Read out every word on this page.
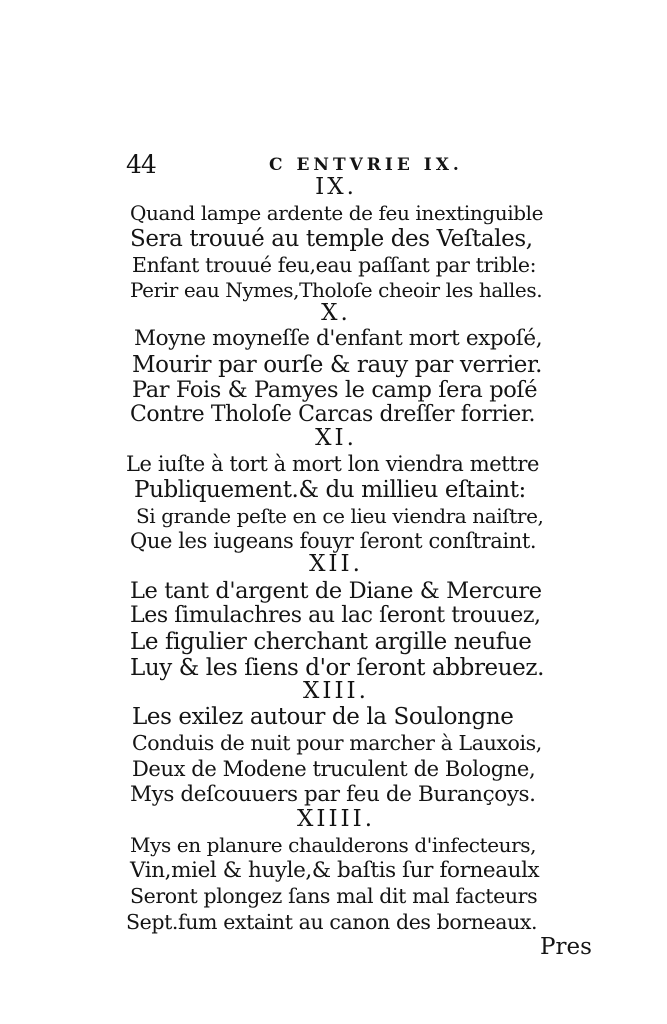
44	C ENTVRIE IX.
IX.
Quand lampe ardente de feu inextinguible
Sera trouué au temple des Veſtales,
Enfant trouué feu,eau paſſant par trible:
Perir eau Nymes,Tholoſe cheoir les halles.
X.
Moyne moyneſſe d'enfant mort expoſé,
Mourir par ourſe & rauy par verrier.
Par Fois & Pamyes le camp ſera poſé
Contre Tholoſe Carcas dreſſer forrier.
XI.
Le iuſte à tort à mort lon viendra mettre
Publiquement.& du millieu eſtaint:
Si grande peſte en ce lieu viendra naiſtre,
Que les iugeans fouyr ſeront conſtraint.
XII.
Le tant d'argent de Diane & Mercure
Les ſimulachres au lac ſeront trouuez,
Le figulier cherchant argille neufue
Luy & les ſiens d'or ſeront abbreuez.
XIII.
Les exilez autour de la Soulongne
Conduis de nuit pour marcher à Lauxois,
Deux de Modene truculent de Bologne,
Mys deſcouuers par feu de Burançoys.
XIIII.
Mys en planure chaulderons d'infecteurs,
Vin,miel & huyle,& baſtis ſur forneaulx
Seront plongez ſans mal dit mal facteurs
Sept.fum extaint au canon des borneaux.
Pres
